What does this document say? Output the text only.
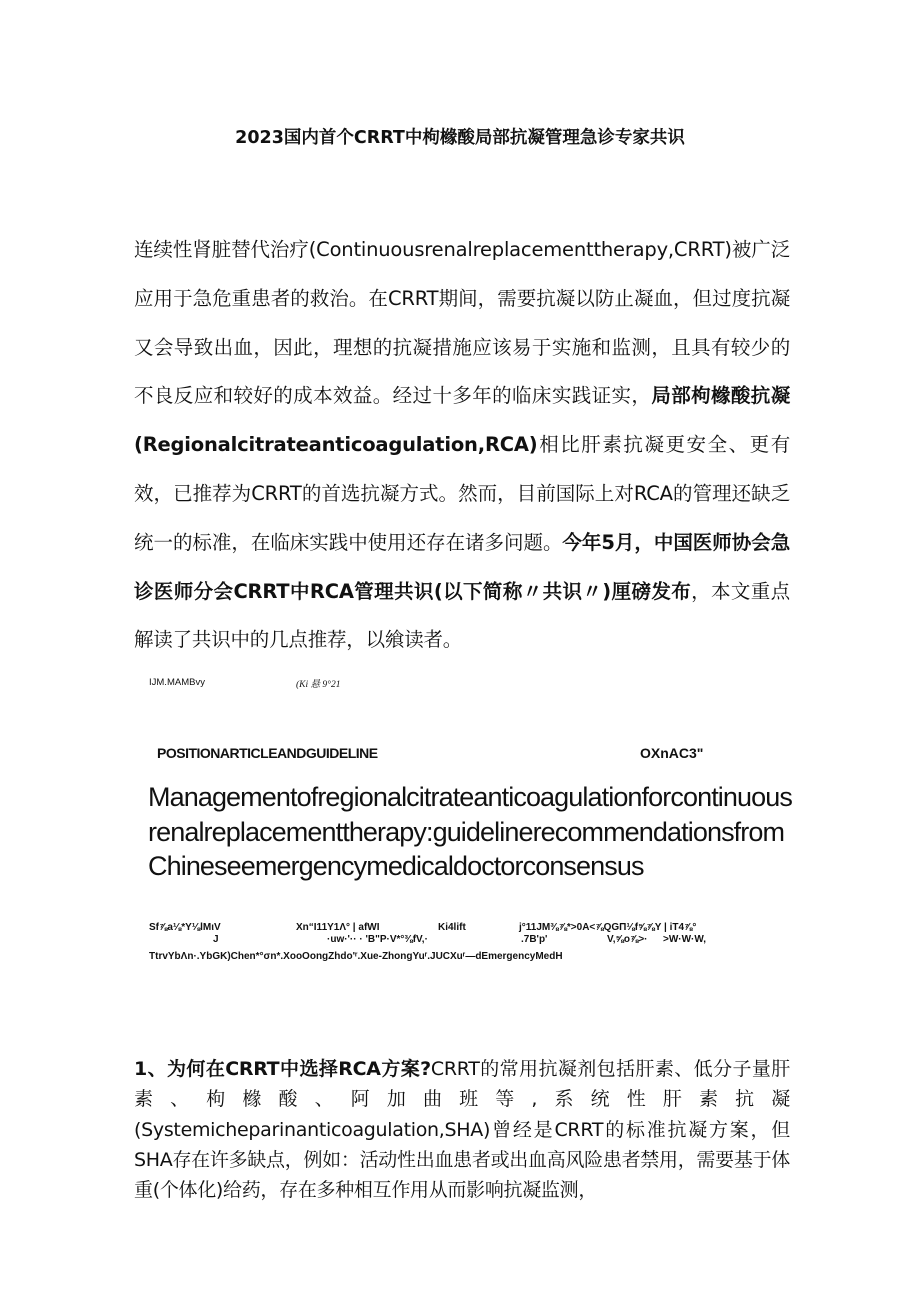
2023国内首个CRRT中枸橼酸局部抗凝管理急诊专家共识
连续性肾脏替代治疗(Continuousrenalreplacementtherapy,CRRT)被广泛应用于急危重患者的救治。在CRRT期间，需要抗凝以防止凝血，但过度抗凝又会导致出血，因此，理想的抗凝措施应该易于实施和监测，且具有较少的不良反应和较好的成本效益。经过十多年的临床实践证实，局部枸橼酸抗凝(Regionalcitrateanticoagulation,RCA)相比肝素抗凝更安全、更有效，已推荐为CRRT的首选抗凝方式。然而，目前国际上对RCA的管理还缺乏统一的标准，在临床实践中使用还存在诸多问题。今年5月，中国医师协会急诊医师分会CRRT中RCA管理共识(以下简称〃共识〃)厘磅发布，本文重点解读了共识中的几点推荐，以飨读者。
IJM.MAMBvy	(Ki 悬 9°21
POSITIONARTICLEANDGUIDELINE	OXnAC3"
Managementofregionalcitrateanticoagulationforcontinuousrenalreplacementtherapy:guidelinerecommendationsfromChineseemergencymedicaldoctorconsensus
Sf⅞a⅛*Y⅛lMιV	Xn“I11Y1Λ° | afWI	Ki4lift	j°11JM⅜⅞*>0A<⅞QGΠ⅛f⅝⅞Y | iT4⅞°
J	·uw·'·· · 'B"P·V*°⅜fV,·	.7B'p'	V,⅝o⅞>· >W·W·W,
TtrvYbΛn·.YbGK)Chen*°σn*.XooOongZhdo'ʳ.Xue-ZhongYuʳ.JUCXuʳ—dEmergencyMedH
1、为何在CRRT中选择RCA方案?CRRT的常用抗凝剂包括肝素、低分子量肝素、枸橼酸、阿加曲班等,系统性肝素抗凝(Systemicheparinanticoagulation,SHA)曾经是CRRT的标准抗凝方案，但SHA存在许多缺点，例如：活动性出血患者或出血高风险患者禁用，需要基于体重(个体化)给药，存在多种相互作用从而影响抗凝监测，
